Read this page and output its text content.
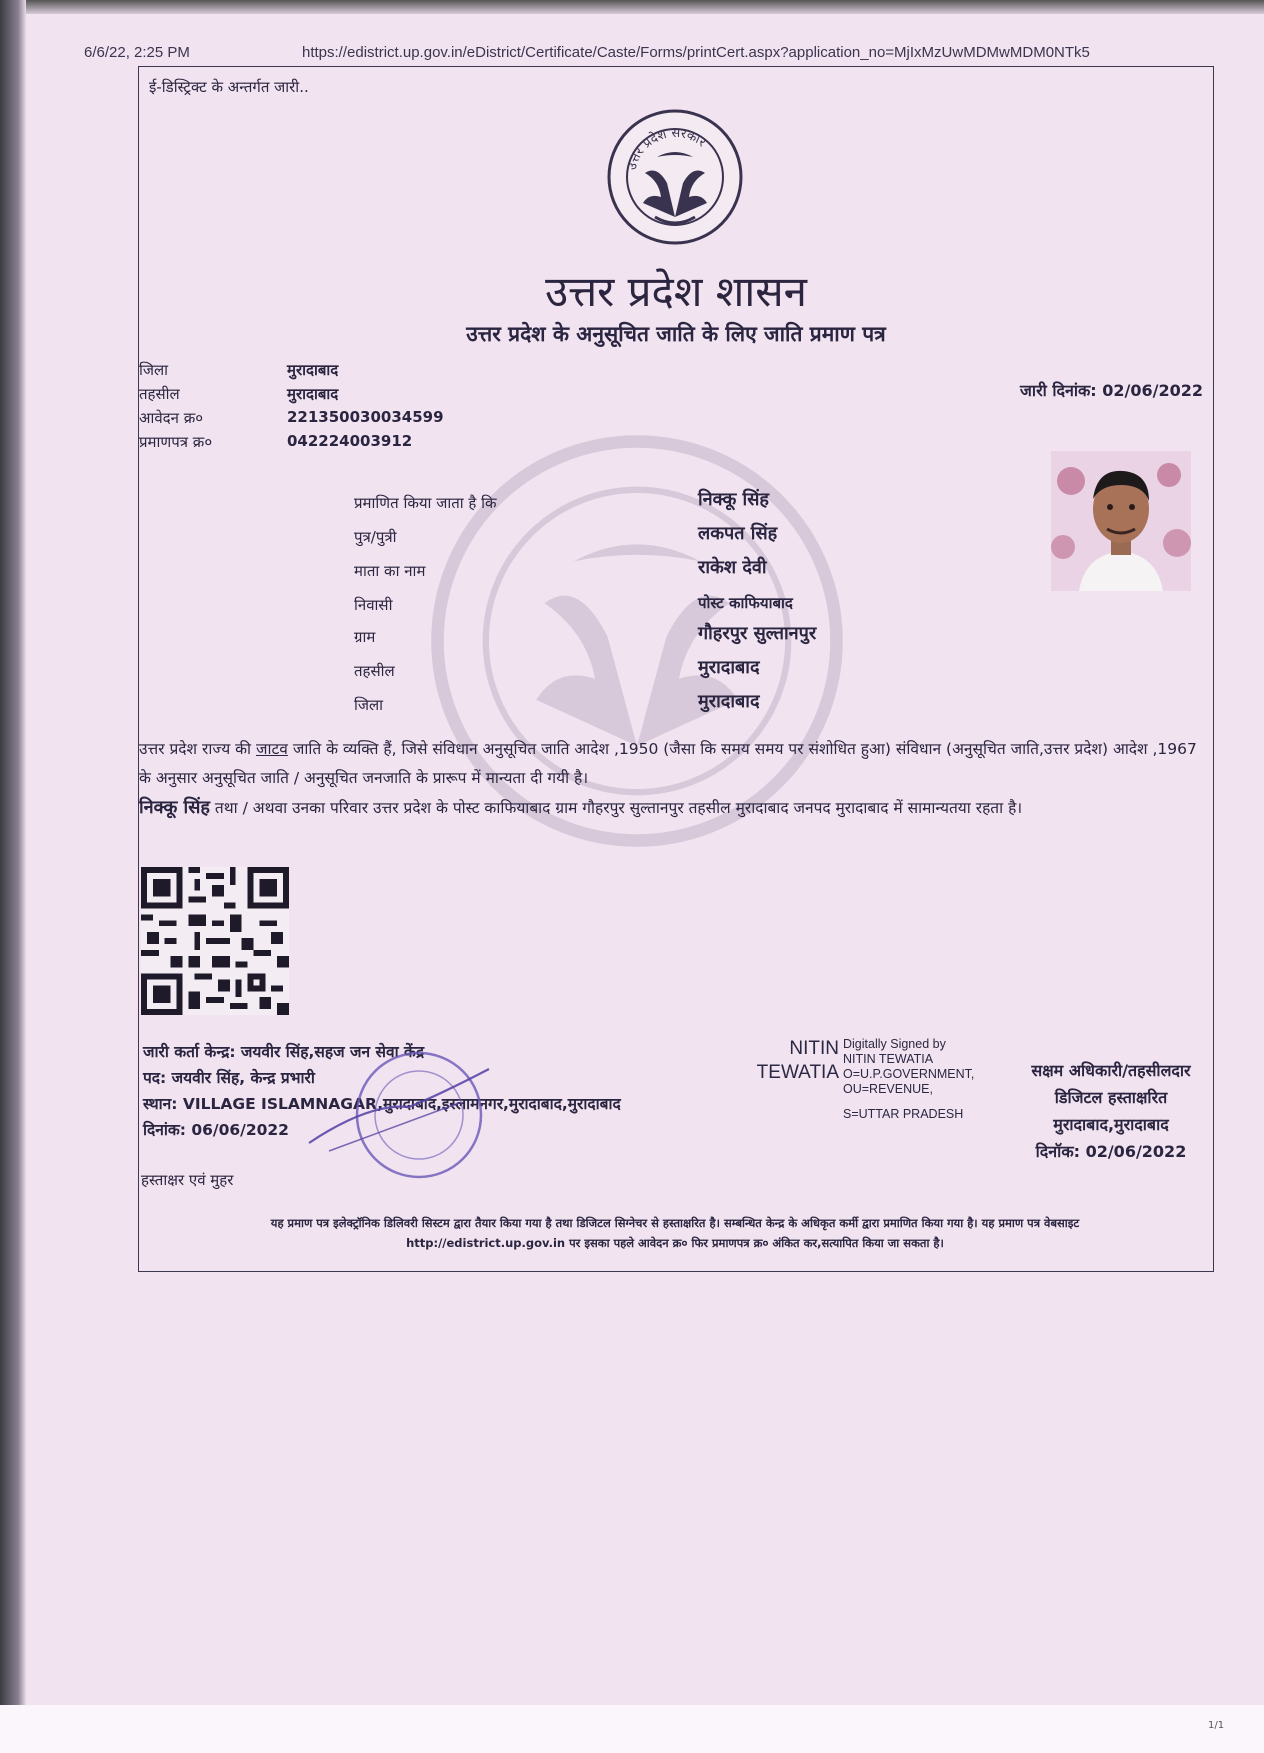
6/6/22, 2:25 PM	https://edistrict.up.gov.in/eDistrict/Certificate/Caste/Forms/printCert.aspx?application_no=MjIxMzUwMDMwMDM0NTk5
ई-डिस्ट्रिक्ट के अन्तर्गत जारी..
उत्तर प्रदेश सरकार
उत्तर प्रदेश शासन
उत्तर प्रदेश के अनुसूचित जाति के लिए जाति प्रमाण पत्र
जिला	मुरादाबाद
तहसील	मुरादाबाद
आवेदन क्र०	221350030034599
प्रमाणपत्र क्र०	042224003912
जारी दिनांक: 02/06/2022
प्रमाणित किया जाता है कि	निक्कू सिंह
पुत्र/पुत्री	लकपत सिंह
माता का नाम	राकेश देवी
निवासी	पोस्ट काफियाबाद
ग्राम	गौहरपुर सुल्तानपुर
तहसील	मुरादाबाद
जिला	मुरादाबाद
उत्तर प्रदेश राज्य की जाटव जाति के व्यक्ति हैं, जिसे संविधान अनुसूचित जाति आदेश ,1950 (जैसा कि समय समय पर संशोधित हुआ) संविधान (अनुसूचित जाति,उत्तर प्रदेश) आदेश ,1967 के अनुसार अनुसूचित जाति / अनुसूचित जनजाति के प्रारूप में मान्यता दी गयी है।
निक्कू सिंह तथा / अथवा उनका परिवार उत्तर प्रदेश के पोस्ट काफियाबाद ग्राम गौहरपुर सुल्तानपुर तहसील मुरादाबाद जनपद मुरादाबाद में सामान्यतया रहता है।
जारी कर्ता केन्द्र: जयवीर सिंह,सहज जन सेवा केंद्र
पद: जयवीर सिंह, केन्द्र प्रभारी
स्थान: VILLAGE ISLAMNAGAR,मुरादाबाद,इस्लामनगर,मुरादाबाद,मुरादाबाद
दिनांक: 06/06/2022
हस्ताक्षर एवं मुहर
NITIN
TEWATIA
Digitally Signed by
NITIN TEWATIA
O=U.P.GOVERNMENT,
OU=REVENUE,
S=UTTAR PRADESH
सक्षम अधिकारी/तहसीलदार
डिजिटल हस्ताक्षरित
मुरादाबाद,मुरादाबाद
दिनॉक: 02/06/2022
यह प्रमाण पत्र इलेक्ट्रॉनिक डिलिवरी सिस्टम द्वारा तैयार किया गया है तथा डिजिटल सिग्नेचर से हस्ताक्षरित है। सम्बन्धित केन्द्र के अधिकृत कर्मी द्वारा प्रमाणित किया गया है। यह प्रमाण पत्र वेबसाइट
http://edistrict.up.gov.in पर इसका पहले आवेदन क्र० फिर प्रमाणपत्र क्र० अंकित कर,सत्यापित किया जा सकता है।
1/1
